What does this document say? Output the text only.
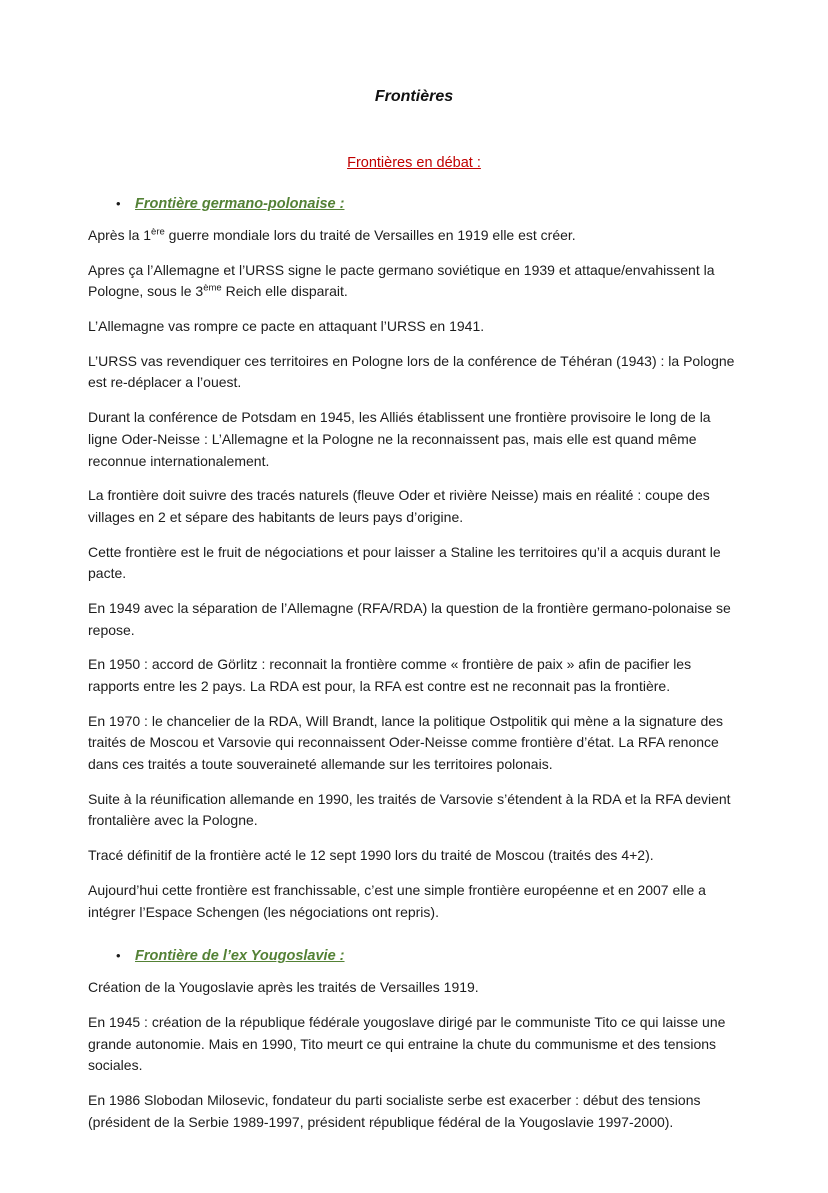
Frontières
Frontières en débat :
• Frontière germano-polonaise :

Après la 1ère guerre mondiale lors du traité de Versailles en 1919 elle est créer.

Apres ça l’Allemagne et l’URSS signe le pacte germano soviétique en 1939 et attaque/envahissent la Pologne, sous le 3ème Reich elle disparait.

L’Allemagne vas rompre ce pacte en attaquant l’URSS en 1941.

L’URSS vas revendiquer ces territoires en Pologne lors de la conférence de Téhéran (1943) : la Pologne est re-déplacer a l’ouest.

Durant la conférence de Potsdam en 1945, les Alliés établissent une frontière provisoire le long de la ligne Oder-Neisse : L’Allemagne et la Pologne ne la reconnaissent pas, mais elle est quand même reconnue internationalement.

La frontière doit suivre des tracés naturels (fleuve Oder et rivière Neisse) mais en réalité : coupe des villages en 2 et sépare des habitants de leurs pays d’origine.

Cette frontière est le fruit de négociations et pour laisser a Staline les territoires qu’il a acquis durant le pacte.

En 1949 avec la séparation de l’Allemagne (RFA/RDA) la question de la frontière germano-polonaise se repose.

En 1950 : accord de Görlitz : reconnait la frontière comme « frontière de paix » afin de pacifier les rapports entre les 2 pays. La RDA est pour, la RFA est contre est ne reconnait pas la frontière.

En 1970 : le chancelier de la RDA, Will Brandt, lance la politique Ostpolitik qui mène a la signature des traités de Moscou et Varsovie qui reconnaissent Oder-Neisse comme frontière d’état. La RFA renonce dans ces traités a toute souveraineté allemande sur les territoires polonais.

Suite à la réunification allemande en 1990, les traités de Varsovie s’étendent à la RDA et la RFA devient frontalière avec la Pologne.

Tracé définitif de la frontière acté le 12 sept 1990 lors du traité de Moscou (traités des 4+2).

Aujourd’hui cette frontière est franchissable, c’est une simple frontière européenne et en 2007 elle a intégrer l’Espace Schengen (les négociations ont repris).

• Frontière de l’ex Yougoslavie :

Création de la Yougoslavie après les traités de Versailles 1919.

En 1945 : création de la république fédérale yougoslave dirigé par le communiste Tito ce qui laisse une grande autonomie. Mais en 1990, Tito meurt ce qui entraine la chute du communisme et des tensions sociales.

En 1986 Slobodan Milosevic, fondateur du parti socialiste serbe est exacerber : début des tensions (président de la Serbie 1989-1997, président république fédéral de la Yougoslavie 1997-2000).
